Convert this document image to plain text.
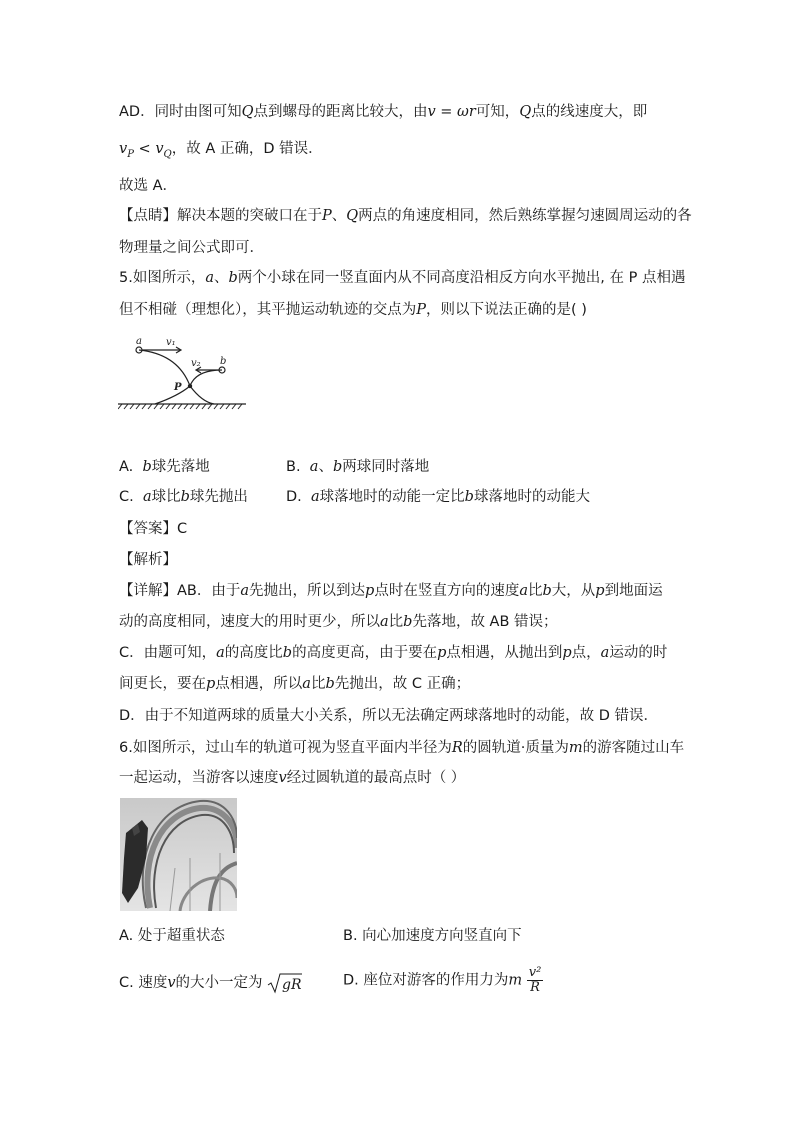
AD．同时由图可知Q点到螺母的距离比较大，由v = ωr可知，Q点的线速度大，即
$v_P < v_Q$，故 A 正确，D 错误．
故选 A．
【点睛】解决本题的突破口在于P、Q两点的角速度相同，然后熟练掌握匀速圆周运动的各
物理量之间公式即可．
5.如图所示，a、b两个小球在同一竖直面内从不同高度沿相反方向水平抛出, 在 P 点相遇
但不相碰（理想化），其平抛运动轨迹的交点为P，则以下说法正确的是( )
a v₁
b
v₂
P
A. b球先落地	B. a、b两球同时落地
C. a球比b球先抛出	D. a球落地时的动能一定比b球落地时的动能大
【答案】C
【解析】
【详解】AB．由于a先抛出，所以到达p点时在竖直方向的速度a比b大，从p到地面运
动的高度相同，速度大的用时更少，所以a比b先落地，故 AB 错误；
C．由题可知，a的高度比b的高度更高，由于要在p点相遇，从抛出到p点，a运动的时
间更长，要在p点相遇，所以a比b先抛出，故 C 正确；
D．由于不知道两球的质量大小关系，所以无法确定两球落地时的动能，故 D 错误．
6.如图所示，过山车的轨道可视为竖直平面内半径为R的圆轨道·质量为m的游客随过山车
一起运动，当游客以速度v经过圆轨道的最高点时（ ）
A. 处于超重状态	B. 向心加速度方向竖直向下
C. 速度v的大小一定为 gR	D. 座位对游客的作用力为m $\frac{\text{v²}}{R}$
